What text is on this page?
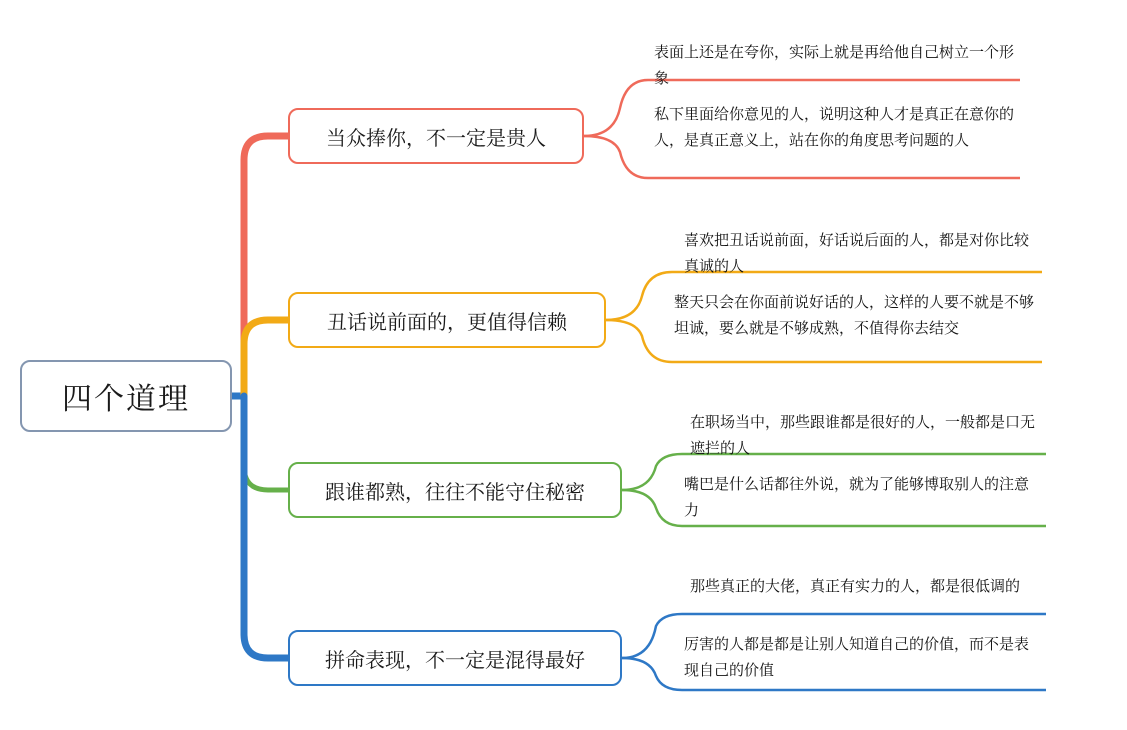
四个道理
当众捧你，不一定是贵人
丑话说前面的，更值得信赖
跟谁都熟，往往不能守住秘密
拼命表现，不一定是混得最好
表面上还是在夸你，实际上就是再给他自己树立一个形象
私下里面给你意见的人，说明这种人才是真正在意你的人，是真正意义上，站在你的角度思考问题的人
喜欢把丑话说前面，好话说后面的人，都是对你比较真诚的人
整天只会在你面前说好话的人，这样的人要不就是不够坦诚，要么就是不够成熟，不值得你去结交
在职场当中，那些跟谁都是很好的人，一般都是口无遮拦的人
嘴巴是什么话都往外说，就为了能够博取别人的注意力
那些真正的大佬，真正有实力的人，都是很低调的
厉害的人都是都是让别人知道自己的价值，而不是表现自己的价值
